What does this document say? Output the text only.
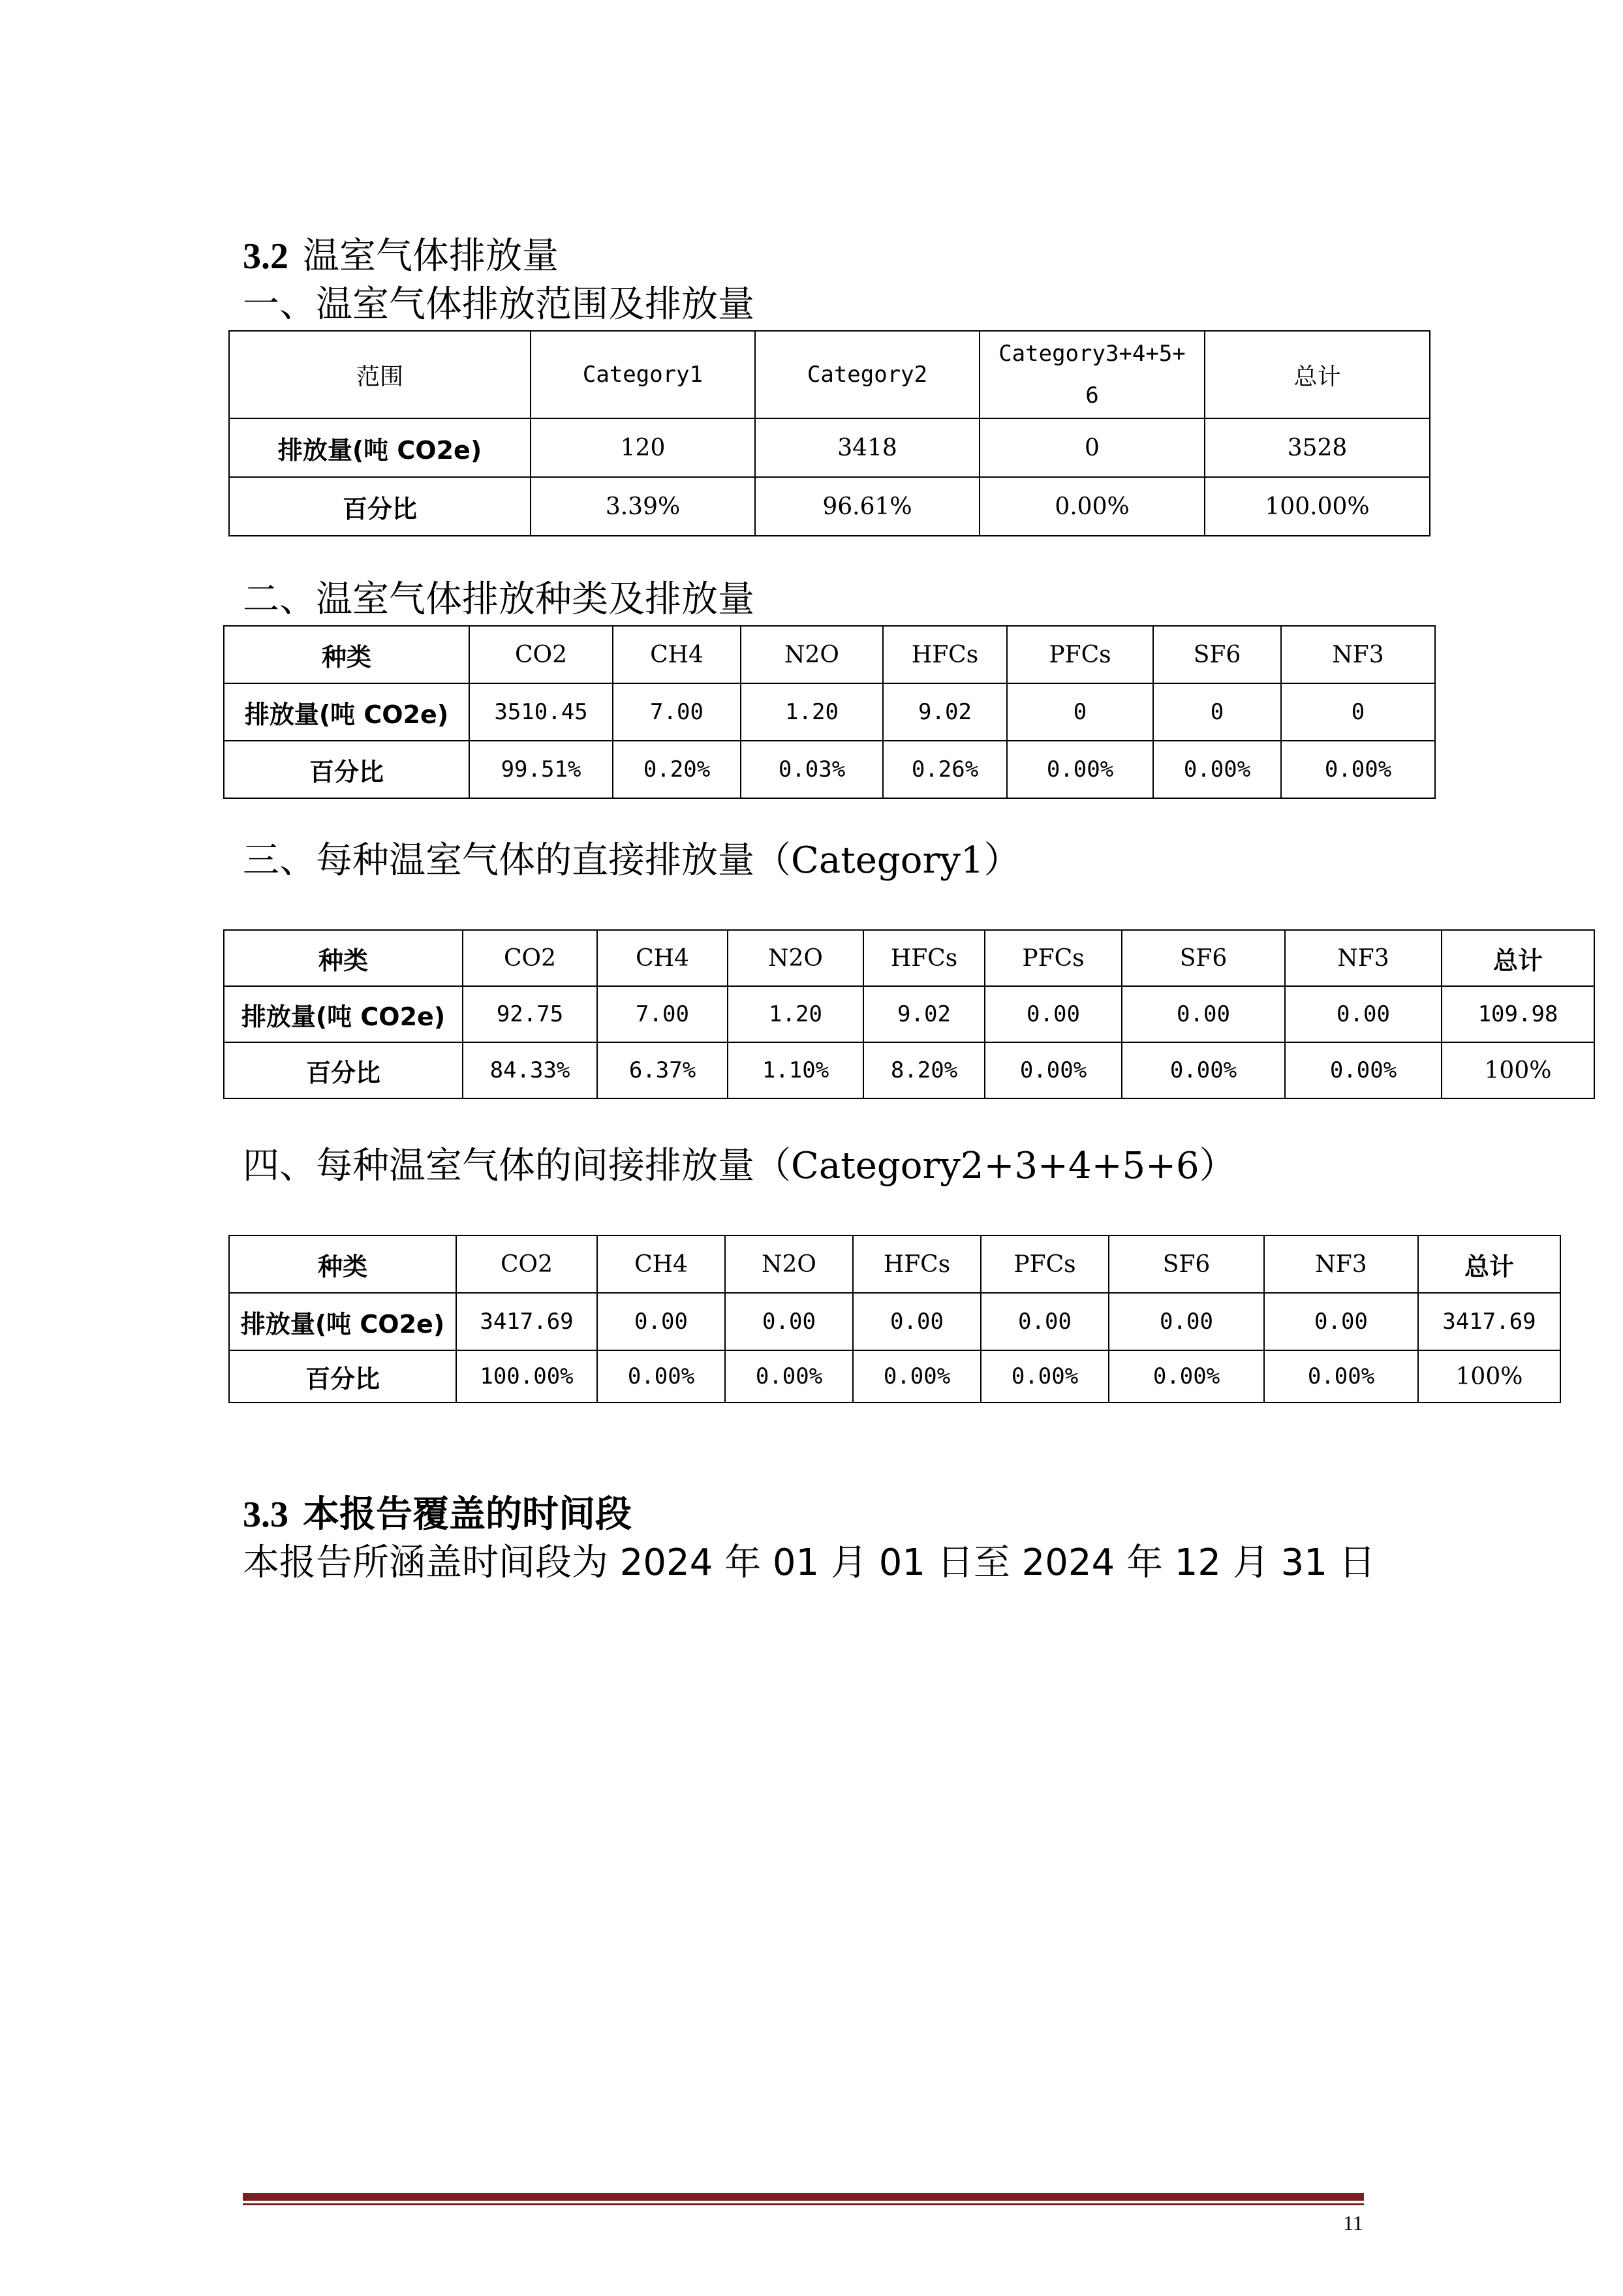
3.2 温室气体排放量
一、温室气体排放范围及排放量
范围	Category1	Category2	Category3+4+5+6	总计
排放量(吨 CO2e)	120	3418	0	3528
百分比	3.39%	96.61%	0.00%	100.00%
二、温室气体排放种类及排放量
种类	CO2	CH4	N2O	HFCs	PFCs	SF6	NF3	
排放量(吨 CO2e)	3510.45	7.00	1.20	9.02	0	0	0	
百分比	99.51%	0.20%	0.03%	0.26%	0.00%	0.00%	0.00%	
三、每种温室气体的直接排放量（Category1）
种类	CO2	CH4	N2O	HFCs	PFCs	SF6	NF3	总计
排放量(吨 CO2e)	92.75	7.00	1.20	9.02	0.00	0.00	0.00	109.98
百分比	84.33%	6.37%	1.10%	8.20%	0.00%	0.00%	0.00%	100%
四、每种温室气体的间接排放量（Category2+3+4+5+6）
种类	CO2	CH4	N2O	HFCs	PFCs	SF6	NF3	总计
排放量(吨 CO2e)	3417.69	0.00	0.00	0.00	0.00	0.00	0.00	3417.69
百分比	100.00%	0.00%	0.00%	0.00%	0.00%	0.00%	0.00%	100%
3.3 本报告覆盖的时间段

本报告所涵盖时间段为 2024 年 01 月 01 日至 2024 年 12 月 31 日

11
